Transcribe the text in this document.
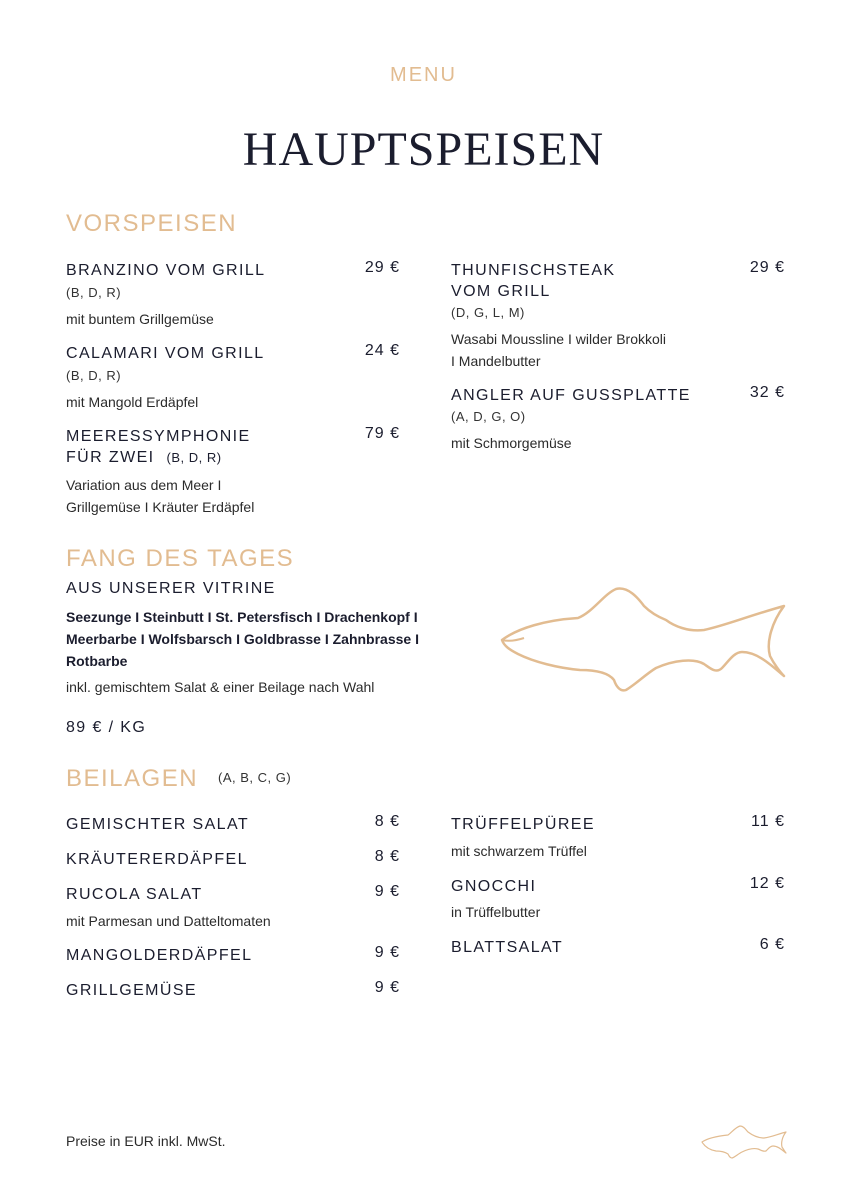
MENU
HAUPTSPEISEN
VORSPEISEN
BRANZINO VOM GRILL	29 €
(B, D, R)
mit buntem Grillgemüse
CALAMARI VOM GRILL	24 €
(B, D, R)
mit Mangold Erdäpfel
MEERESSYMPHONIE	79 €
FÜR ZWEI (B, D, R)
Variation aus dem Meer I
Grillgemüse I Kräuter Erdäpfel
THUNFISCHSTEAK
VOM GRILL
29 €
(D, G, L, M)
Wasabi Moussline I wilder Brokkoli
I Mandelbutter
ANGLER AUF GUSSPLATTE	32 €
(A, D, G, O)
mit Schmorgemüse
FANG DES TAGES
AUS UNSERER VITRINE
Seezunge I Steinbutt I St. Petersfisch I Drachenkopf I
Meerbarbe I Wolfsbarsch I Goldbrasse I Zahnbrasse I
Rotbarbe
inkl. gemischtem Salat & einer Beilage nach Wahl
89 € / KG
BEILAGEN (A, B, C, G)
GEMISCHTER SALAT	8 €
KRÄUTERERDÄPFEL	8 €
RUCOLA SALAT	9 €
mit Parmesan und Datteltomaten
MANGOLDERDÄPFEL	9 €
GRILLGEMÜSE	9 €
TRÜFFELPÜREE	11 €
mit schwarzem Trüffel
GNOCCHI	12 €
in Trüffelbutter
BLATTSALAT	6 €
Preise in EUR inkl. MwSt.
